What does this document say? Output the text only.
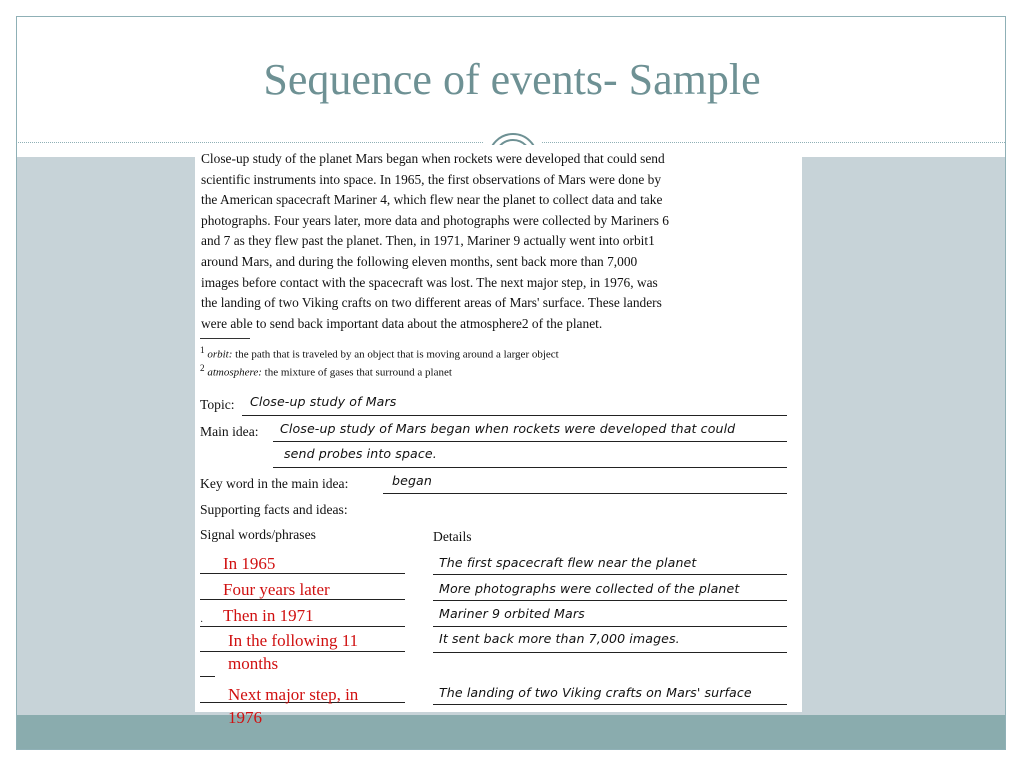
Sequence of events- Sample

Close-up study of the planet Mars began when rockets were developed that could send

scientific instruments into space. In 1965, the first observations of Mars were done by

the American spacecraft Mariner 4, which flew near the planet to collect data and take

photographs. Four years later, more data and photographs were collected by Mariners 6

and 7 as they flew past the planet. Then, in 1971, Mariner 9 actually went into orbit1

around Mars, and during the following eleven months, sent back more than 7,000

images before contact with the spacecraft was lost. The next major step, in 1976, was

the landing of two Viking crafts on two different areas of Mars' surface. These landers

were able to send back important data about the atmosphere2 of the planet.

$^1$ orbit: the path that is traveled by an object that is moving around a larger object
$^2$ atmosphere: the mixture of gases that surround a planet
Topic: Close-up study of Mars
Main idea: Close-up study of Mars began when rockets were developed that could
send probes into space.
Key word in the main idea:	began
Supporting facts and ideas:
Signal words/phrases	Details
The first spacecraft flew near the planet
More photographs were collected of the planet
Mariner 9 orbited Mars
It sent back more than 7,000 images.
The landing of two Viking crafts on Mars' surface
·
In 1965
Four years later
Then in 1971
In the following 11 months
Next major step, in 1976
